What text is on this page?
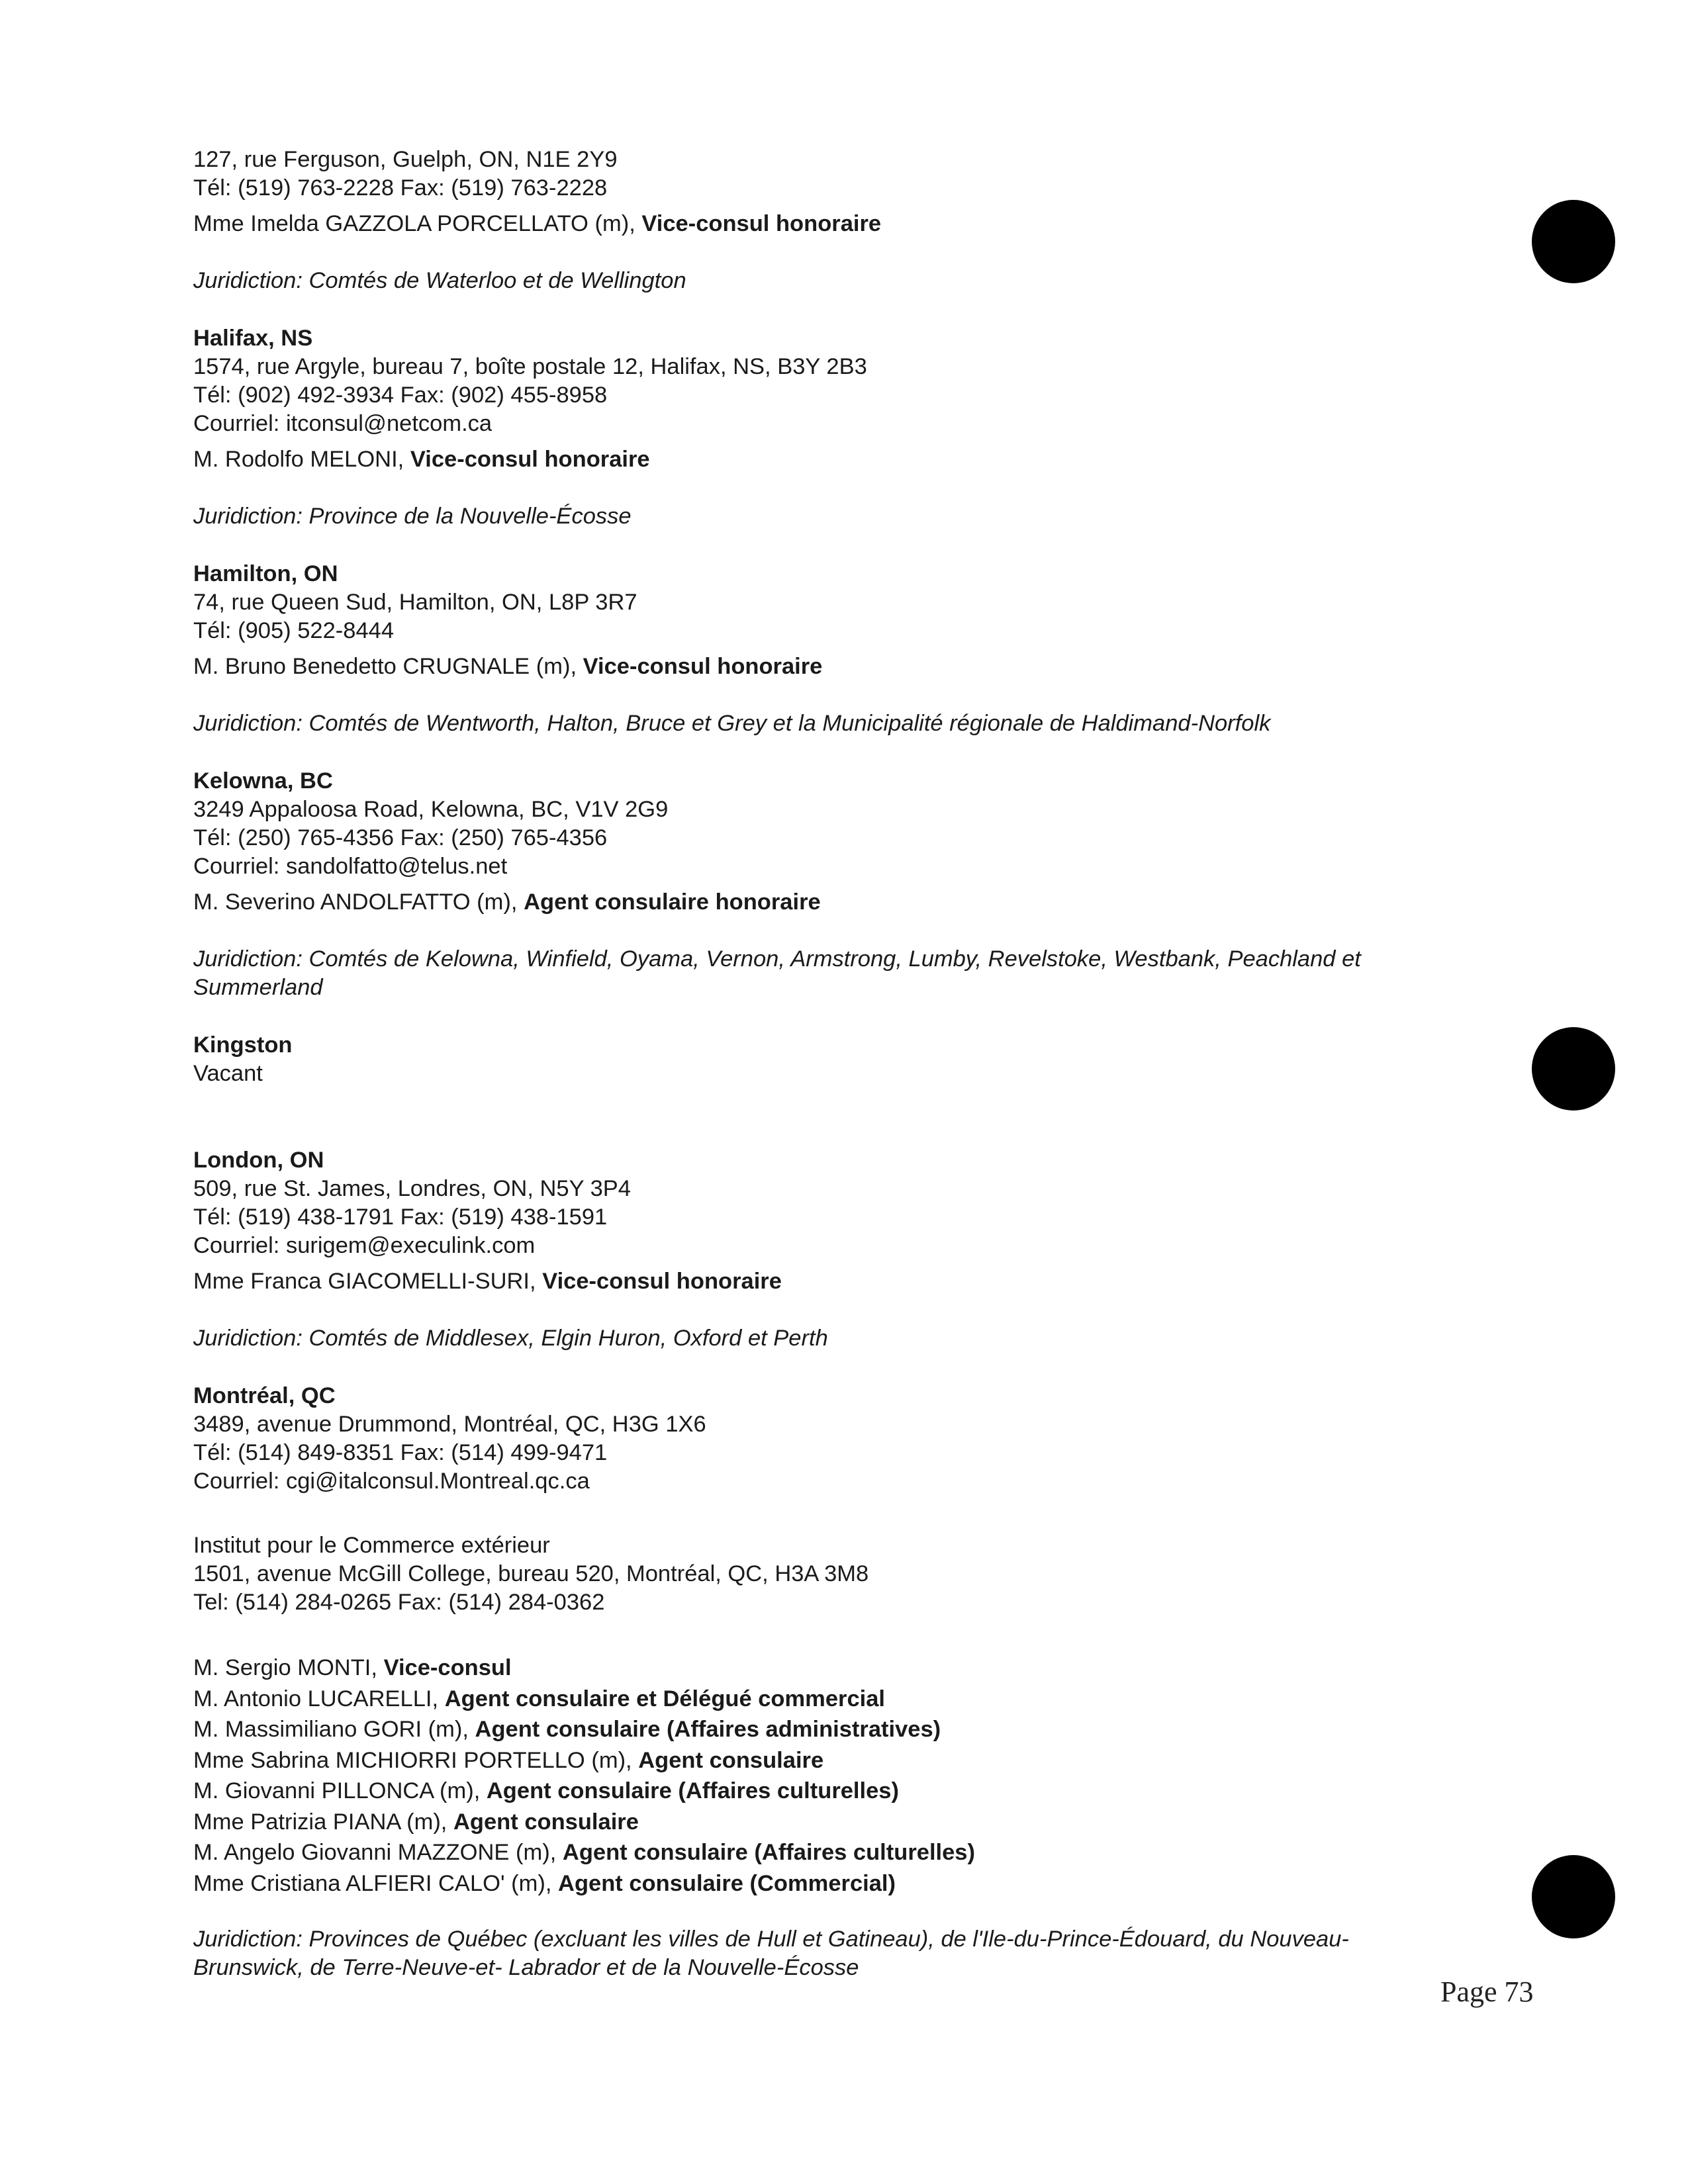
127, rue Ferguson, Guelph, ON, N1E 2Y9
Tél: (519) 763-2228 Fax: (519) 763-2228
Mme Imelda GAZZOLA PORCELLATO (m), Vice-consul honoraire
Juridiction: Comtés de Waterloo et de Wellington
Halifax, NS
1574, rue Argyle, bureau 7, boîte postale 12, Halifax, NS, B3Y 2B3
Tél: (902) 492-3934 Fax: (902) 455-8958
Courriel: itconsul@netcom.ca
M. Rodolfo MELONI, Vice-consul honoraire
Juridiction: Province de la Nouvelle-Écosse
Hamilton, ON
74, rue Queen Sud, Hamilton, ON, L8P 3R7
Tél: (905) 522-8444
M. Bruno Benedetto CRUGNALE (m), Vice-consul honoraire
Juridiction: Comtés de Wentworth, Halton, Bruce et Grey et la Municipalité régionale de Haldimand-Norfolk
Kelowna, BC
3249 Appaloosa Road, Kelowna, BC, V1V 2G9
Tél: (250) 765-4356 Fax: (250) 765-4356
Courriel: sandolfatto@telus.net
M. Severino ANDOLFATTO (m), Agent consulaire honoraire
Juridiction: Comtés de Kelowna, Winfield, Oyama, Vernon, Armstrong, Lumby, Revelstoke, Westbank, Peachland et
Summerland
Kingston
Vacant
London, ON
509, rue St. James, Londres, ON, N5Y 3P4
Tél: (519) 438-1791 Fax: (519) 438-1591
Courriel: surigem@execulink.com
Mme Franca GIACOMELLI-SURI, Vice-consul honoraire
Juridiction: Comtés de Middlesex, Elgin Huron, Oxford et Perth
Montréal, QC
3489, avenue Drummond, Montréal, QC, H3G 1X6
Tél: (514) 849-8351 Fax: (514) 499-9471
Courriel: cgi@italconsul.Montreal.qc.ca
Institut pour le Commerce extérieur
1501, avenue McGill College, bureau 520, Montréal, QC, H3A 3M8
Tel: (514) 284-0265 Fax: (514) 284-0362
M. Sergio MONTI, Vice-consul
M. Antonio LUCARELLI, Agent consulaire et Délégué commercial
M. Massimiliano GORI (m), Agent consulaire (Affaires administratives)
Mme Sabrina MICHIORRI PORTELLO (m), Agent consulaire
M. Giovanni PILLONCA (m), Agent consulaire (Affaires culturelles)
Mme Patrizia PIANA (m), Agent consulaire
M. Angelo Giovanni MAZZONE (m), Agent consulaire (Affaires culturelles)
Mme Cristiana ALFIERI CALO' (m), Agent consulaire (Commercial)
Juridiction: Provinces de Québec (excluant les villes de Hull et Gatineau), de l'Ile-du-Prince-Édouard, du Nouveau-
Brunswick, de Terre-Neuve-et- Labrador et de la Nouvelle-Écosse
Page 73
